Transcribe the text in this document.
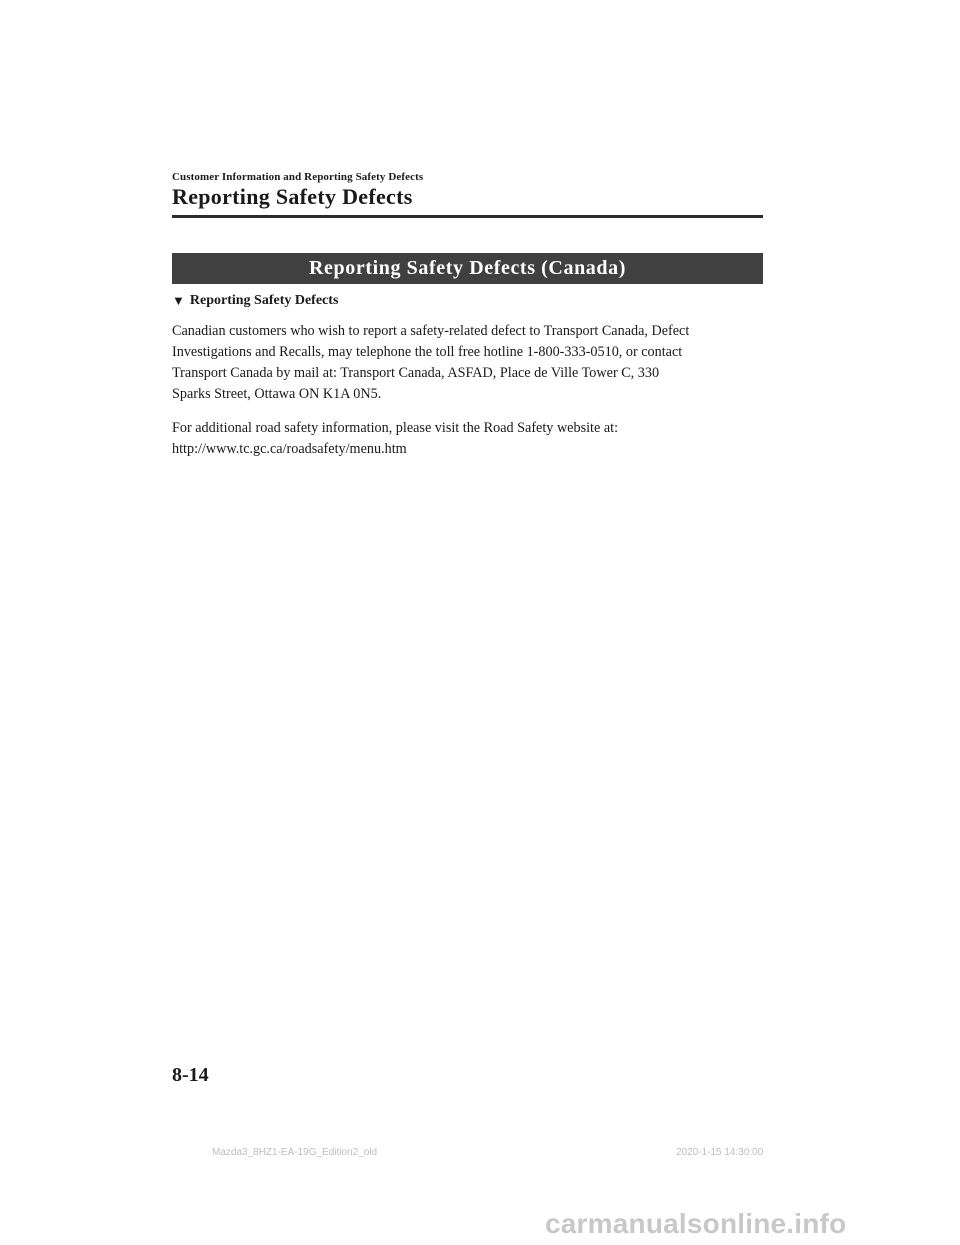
Customer Information and Reporting Safety Defects
Reporting Safety Defects
Reporting Safety Defects (Canada)
▼ Reporting Safety Defects

Canadian customers who wish to report a safety-related defect to Transport Canada, Defect
Investigations and Recalls, may telephone the toll free hotline 1-800-333-0510, or contact
Transport Canada by mail at: Transport Canada, ASFAD, Place de Ville Tower C, 330
Sparks Street, Ottawa ON K1A 0N5.

For additional road safety information, please visit the Road Safety website at:
http://www.tc.gc.ca/roadsafety/menu.htm

8-14
Mazda3_8HZ1-EA-19G_Edition2_old	2020-1-15 14:30:00
carmanualsonline.info
